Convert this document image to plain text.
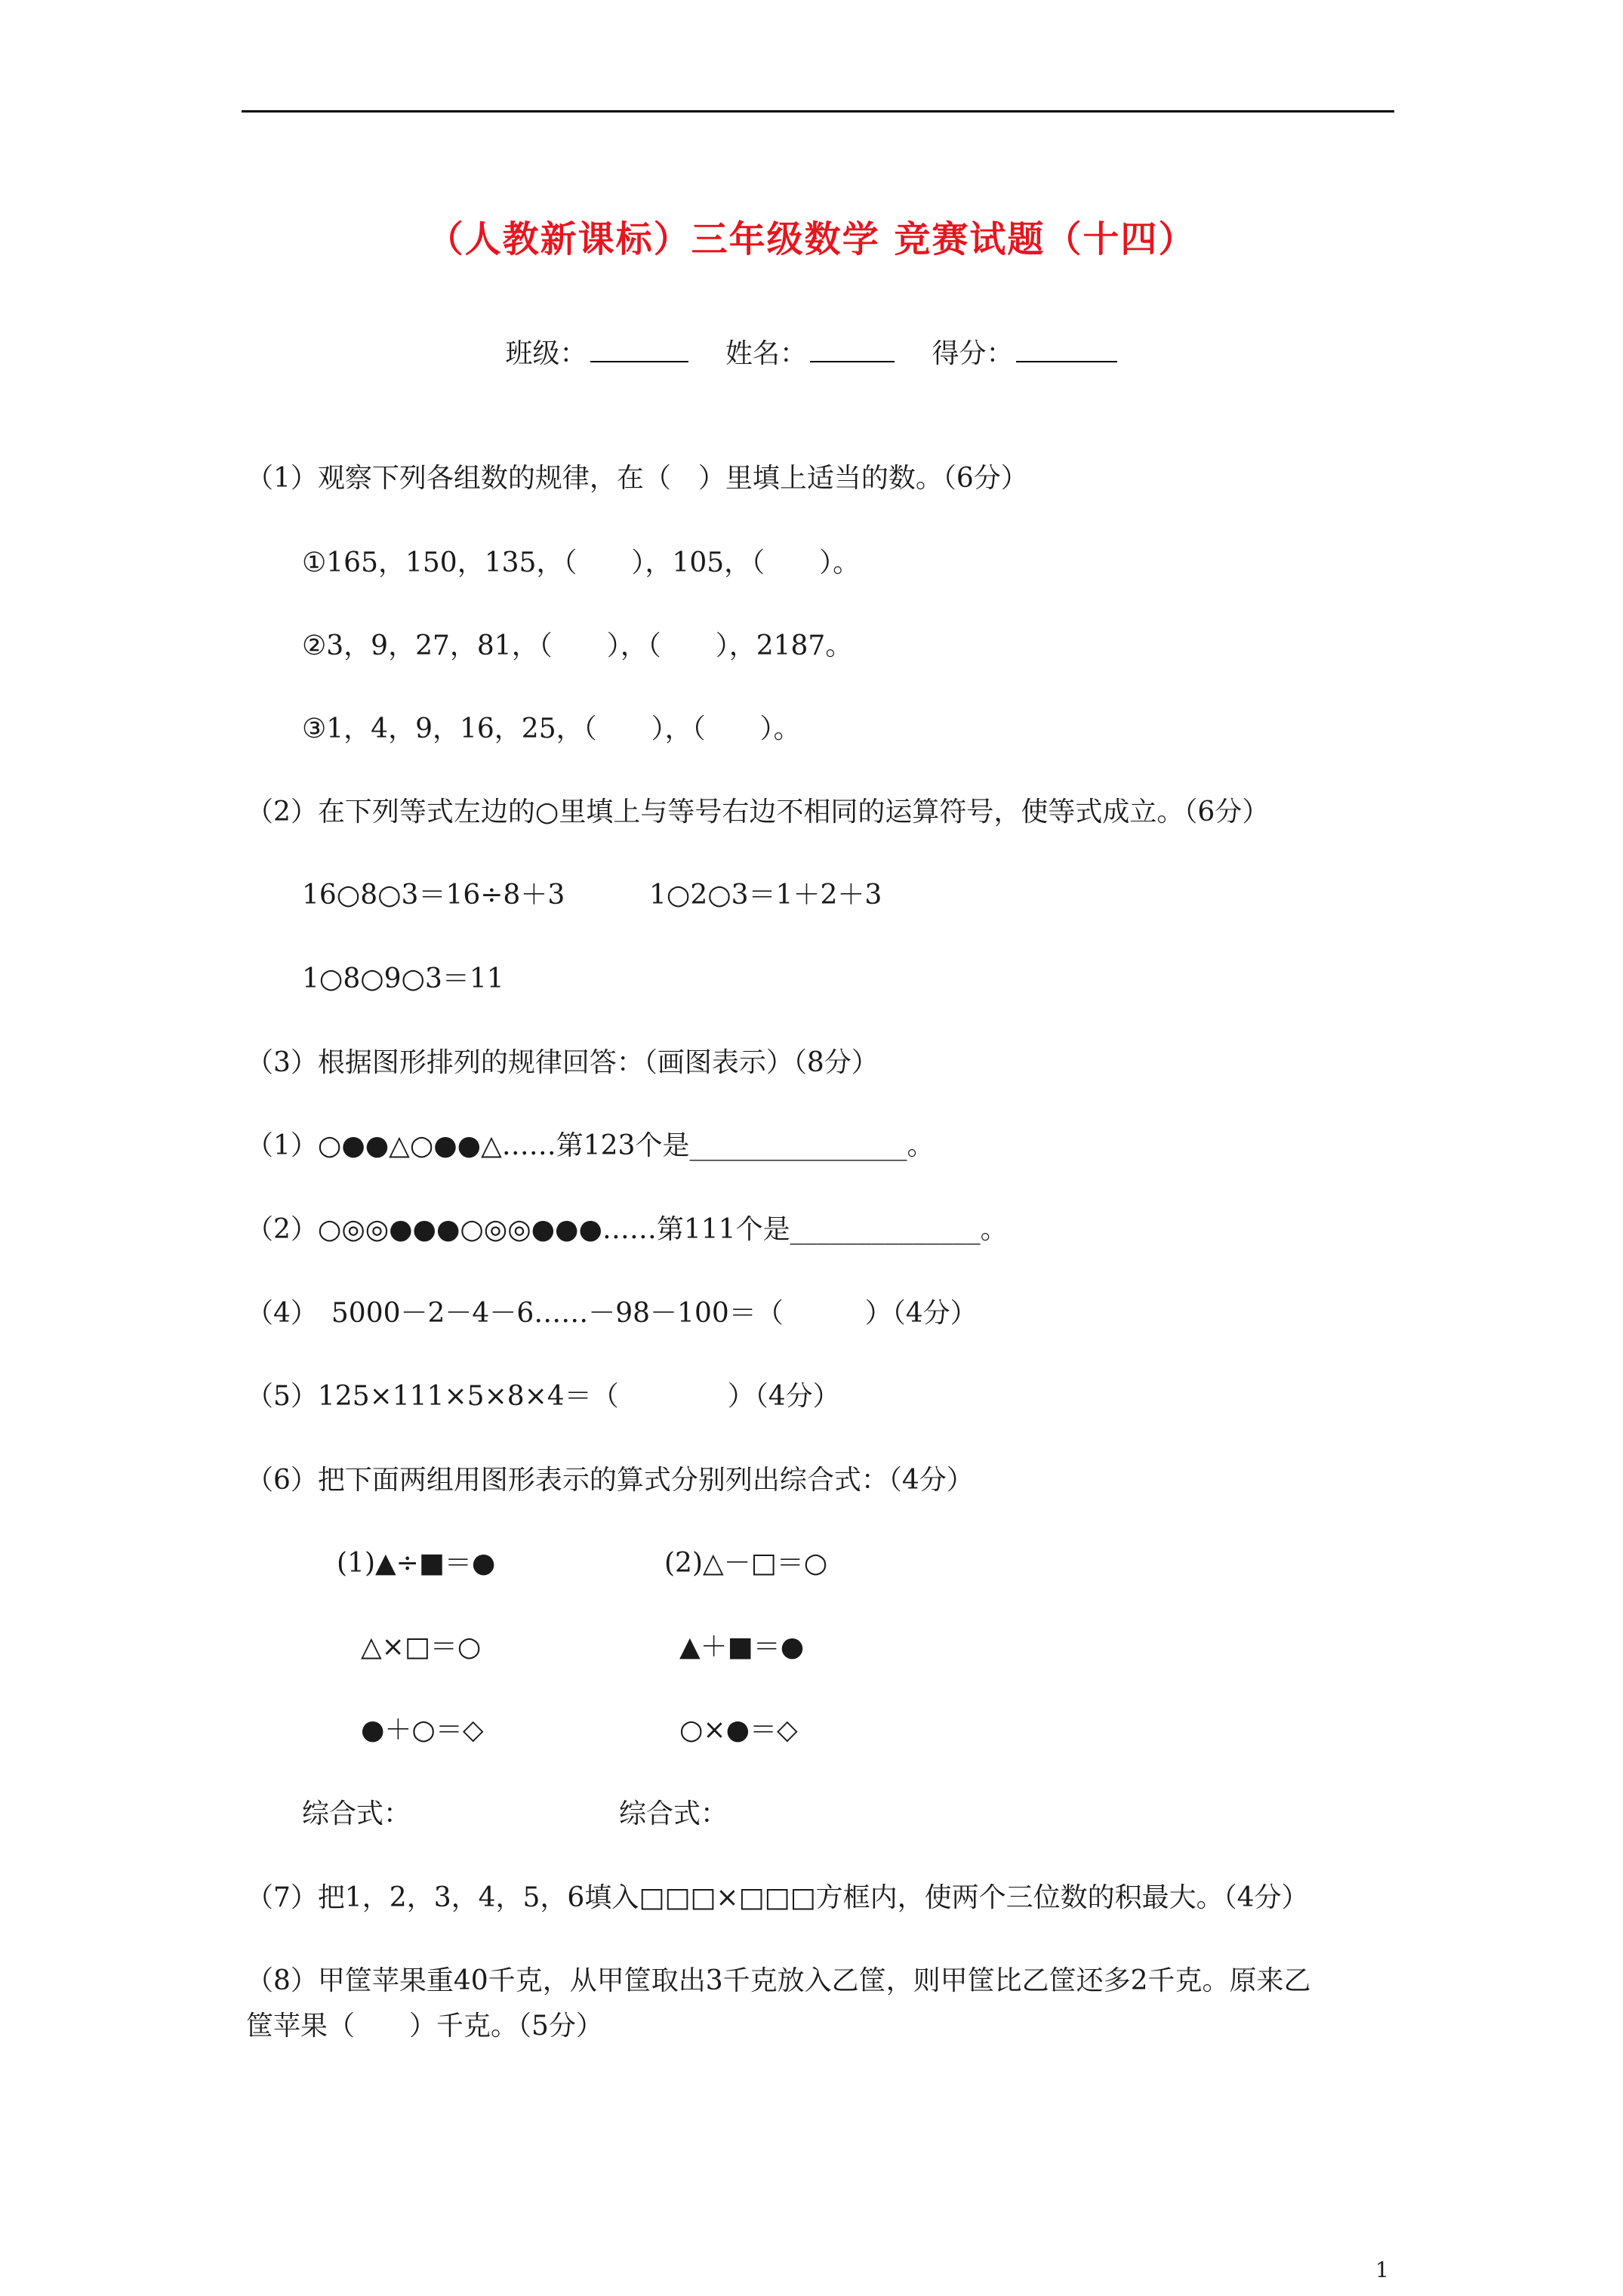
（人教新课标）三年级数学 竞赛试题（十四）
班级：	姓名：	得分：
（1）观察下列各组数的规律，在（　）里填上适当的数。（6分）
①165，150，135，（　　），105，（　　）。
②3，9，27，81，（　　），（　　），2187。
③1，4，9，16，25，（　　），（　　）。
（2）在下列等式左边的○里填上与等号右边不相同的运算符号，使等式成立。（6分）
16○8○3＝16÷8＋3	1○2○3＝1＋2＋3
1○8○9○3＝11
（3）根据图形排列的规律回答：（画图表示）（8分）
（1）○●●△○●●△……第123个是________________。
（2）○◎◎●●●○◎◎●●●……第111个是______________。
（4）　5000－2－4－6……－98－100＝（　　　）（4分）
（5）125×111×5×8×4＝（　　　　）（4分）
（6）把下面两组用图形表示的算式分别列出综合式：（4分）
(1)▲÷■＝●
△×□＝○
●＋○＝◇
(2)△－□＝○
▲＋■＝●
○×●＝◇
综合式：	综合式：
（7）把1，2，3，4，5，6填入□□□×□□□方框内，使两个三位数的积最大。（4分）
（8）甲筐苹果重40千克，从甲筐取出3千克放入乙筐，则甲筐比乙筐还多2千克。原来乙
筐苹果（　　）千克。（5分）
1
